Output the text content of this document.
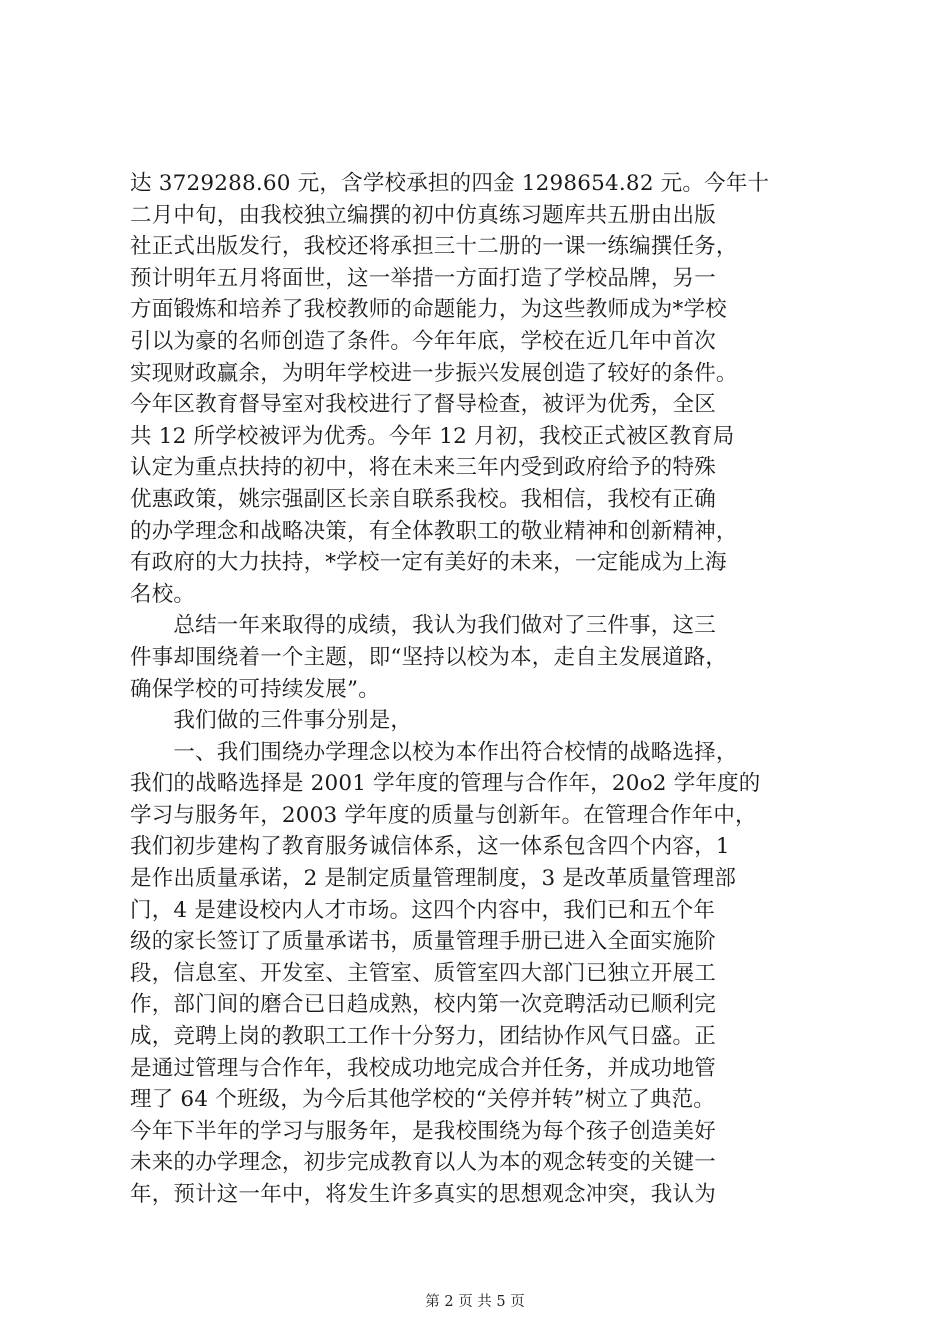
达 3729288.60 元，含学校承担的四金 1298654.82 元。今年十
二月中旬，由我校独立编撰的初中仿真练习题库共五册由出版
社正式出版发行，我校还将承担三十二册的一课一练编撰任务，
预计明年五月将面世，这一举措一方面打造了学校品牌，另一
方面锻炼和培养了我校教师的命题能力，为这些教师成为*学校
引以为豪的名师创造了条件。今年年底，学校在近几年中首次
实现财政赢余，为明年学校进一步振兴发展创造了较好的条件。
今年区教育督导室对我校进行了督导检查，被评为优秀，全区
共 12 所学校被评为优秀。今年 12 月初，我校正式被区教育局
认定为重点扶持的初中，将在未来三年内受到政府给予的特殊
优惠政策，姚宗强副区长亲自联系我校。我相信，我校有正确
的办学理念和战略决策，有全体教职工的敬业精神和创新精神，
有政府的大力扶持，*学校一定有美好的未来，一定能成为上海
名校。
　　总结一年来取得的成绩，我认为我们做对了三件事，这三
件事却围绕着一个主题，即“坚持以校为本，走自主发展道路，
确保学校的可持续发展”。
　　我们做的三件事分别是，
　　一、我们围绕办学理念以校为本作出符合校情的战略选择，
我们的战略选择是 2001 学年度的管理与合作年，20o2 学年度的
学习与服务年，2003 学年度的质量与创新年。在管理合作年中，
我们初步建构了教育服务诚信体系，这一体系包含四个内容，1
是作出质量承诺，2 是制定质量管理制度，3 是改革质量管理部
门，4 是建设校内人才市场。这四个内容中，我们已和五个年
级的家长签订了质量承诺书，质量管理手册已进入全面实施阶
段，信息室、开发室、主管室、质管室四大部门已独立开展工
作，部门间的磨合已日趋成熟，校内第一次竞聘活动已顺利完
成，竞聘上岗的教职工工作十分努力，团结协作风气日盛。正
是通过管理与合作年，我校成功地完成合并任务，并成功地管
理了 64 个班级，为今后其他学校的“关停并转”树立了典范。
今年下半年的学习与服务年，是我校围绕为每个孩子创造美好
未来的办学理念，初步完成教育以人为本的观念转变的关键一
年，预计这一年中，将发生许多真实的思想观念冲突，我认为
第 2 页 共 5 页
